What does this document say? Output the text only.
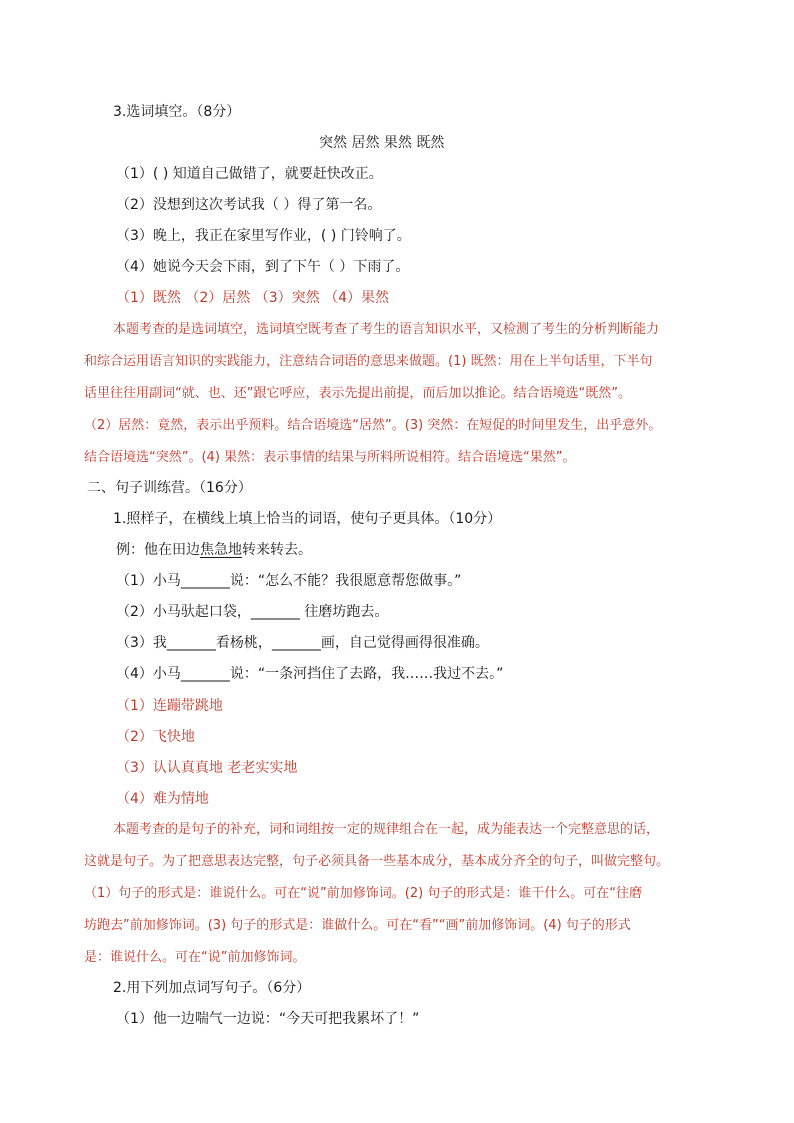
3.选词填空。（8分）
突然 居然 果然 既然
（1）( ) 知道自己做错了，就要赶快改正。
（2）没想到这次考试我（ ）得了第一名。
（3）晚上，我正在家里写作业，( ) 门铃响了。
（4）她说今天会下雨，到了下午（ ）下雨了。
（1）既然 （2）居然 （3）突然 （4）果然
本题考查的是选词填空，选词填空既考查了考生的语言知识水平，又检测了考生的分析判断能力
和综合运用语言知识的实践能力，注意结合词语的意思来做题。(1) 既然：用在上半句话里，下半句
话里往往用副词“就、也、还”跟它呼应，表示先提出前提，而后加以推论。结合语境选“既然”。
（2）居然：竟然，表示出乎预料。结合语境选“居然”。(3) 突然：在短促的时间里发生，出乎意外。
结合语境选“突然”。(4) 果然：表示事情的结果与所料所说相符。结合语境选“果然”。
二、句子训练营。（16分）
1.照样子，在横线上填上恰当的词语，使句子更具体。（10分）
例：他在田边焦急地转来转去。
（1）小马_______说：“怎么不能？我很愿意帮您做事。”
（2）小马驮起口袋，_______ 往磨坊跑去。
（3）我_______看杨桃，_______画，自己觉得画得很准确。
（4）小马_______说：“一条河挡住了去路，我……我过不去。”
（1）连蹦带跳地
（2）飞快地
（3）认认真真地 老老实实地
（4）难为情地
本题考查的是句子的补充，词和词组按一定的规律组合在一起，成为能表达一个完整意思的话，
这就是句子。为了把意思表达完整，句子必须具备一些基本成分，基本成分齐全的句子，叫做完整句。
（1）句子的形式是：谁说什么。可在“说”前加修饰词。(2) 句子的形式是：谁干什么。可在“往磨
坊跑去”前加修饰词。(3) 句子的形式是：谁做什么。可在“看”“画”前加修饰词。(4) 句子的形式
是：谁说什么。可在“说”前加修饰词。
2.用下列加点词写句子。（6分）
（1）他一边喘气一边说：“今天可把我累坏了！”
